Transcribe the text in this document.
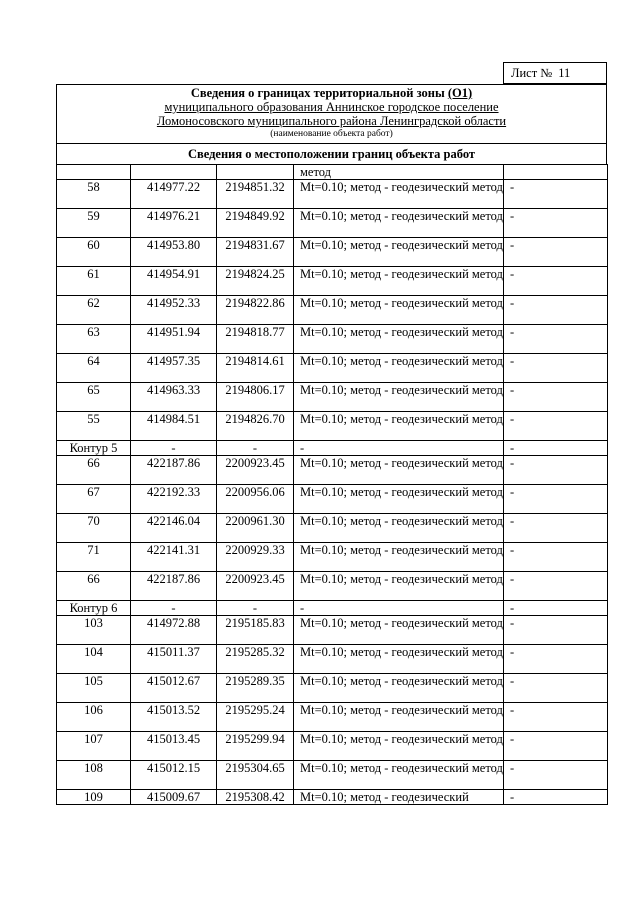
Лист № 11
Сведения о границах территориальной зоны (О1)
муниципального образования Аннинское городское поселение
Ломоносовского муниципального района Ленинградской области
(наименование объекта работ)
Сведения о местоположении границ объекта работ

			метод	

58	414977.22	2194851.32	Mt=0.10; метод - геодезический метод	-

59	414976.21	2194849.92	Mt=0.10; метод - геодезический метод	-

60	414953.80	2194831.67	Mt=0.10; метод - геодезический метод	-

61	414954.91	2194824.25	Mt=0.10; метод - геодезический метод	-

62	414952.33	2194822.86	Mt=0.10; метод - геодезический метод	-

63	414951.94	2194818.77	Mt=0.10; метод - геодезический метод	-

64	414957.35	2194814.61	Mt=0.10; метод - геодезический метод	-

65	414963.33	2194806.17	Mt=0.10; метод - геодезический метод	-

55	414984.51	2194826.70	Mt=0.10; метод - геодезический метод	-

Контур 5	-	-	-	-

66	422187.86	2200923.45	Mt=0.10; метод - геодезический метод	-

67	422192.33	2200956.06	Mt=0.10; метод - геодезический метод	-

70	422146.04	2200961.30	Mt=0.10; метод - геодезический метод	-

71	422141.31	2200929.33	Mt=0.10; метод - геодезический метод	-

66	422187.86	2200923.45	Mt=0.10; метод - геодезический метод	-

Контур 6	-	-	-	-

103	414972.88	2195185.83	Mt=0.10; метод - геодезический метод	-

104	415011.37	2195285.32	Mt=0.10; метод - геодезический метод	-

105	415012.67	2195289.35	Mt=0.10; метод - геодезический метод	-

106	415013.52	2195295.24	Mt=0.10; метод - геодезический метод	-

107	415013.45	2195299.94	Mt=0.10; метод - геодезический метод	-

108	415012.15	2195304.65	Mt=0.10; метод - геодезический метод	-

109	415009.67	2195308.42	Mt=0.10; метод - геодезический	-
